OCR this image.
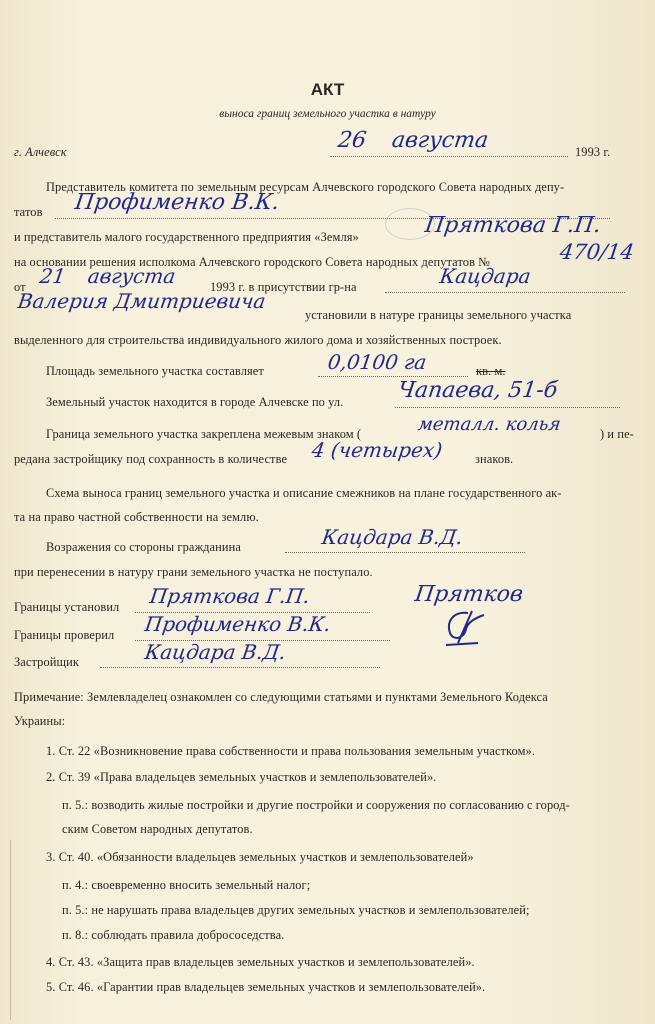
АКТ
выноса границ земельного участка в натуру
г. Алчевск	26 августа	1993 г.
Представитель комитета по земельным ресурсам Алчевского городского Совета народных депу-
татов Профименко В.К.
и представитель малого государственного предприятия «Земля»	Пряткова Г.П.
на основании решения исполкома Алчевского городского Совета народных депутатов №	470/14
от 21 августа	1993 г. в присутствии гр-на	Кацдара
Валерия Дмитриевича
установили в натуре границы земельного участка
выделенного для строительства индивидуального жилого дома и хозяйственных построек.
Площадь земельного участка составляет	0,0100 га	кв. м.
Земельный участок находится в городе Алчевске по ул. Чапаева, 51-б
Граница земельного участка закреплена межевым знаком (	металл. колья	) и пе-
редана застройщику под сохранность в количестве 4 (четырех)	знаков.
Схема выноса границ земельного участка и описание смежников на плане государственного ак-
та на право частной собственности на землю.
Возражения со стороны гражданина	Кацдара В.Д.
при перенесении в натуру грани земельного участка не поступало.
Границы установил Пряткова Г.П.	Прятков
Границы проверил Профименко В.К.
Застройщик	Кацдара В.Д.
Примечание: Землевладелец ознакомлен со следующими статьями и пунктами Земельного Кодекса
Украины:
1. Ст. 22 «Возникновение права собственности и права пользования земельным участком».
2. Ст. 39 «Права владельцев земельных участков и землепользователей».
п. 5.: возводить жилые постройки и другие постройки и сооружения по согласованию с город-
ским Советом народных депутатов.
3. Ст. 40. «Обязанности владельцев земельных участков и землепользователей»
п. 4.: своевременно вносить земельный налог;
п. 5.: не нарушать права владельцев других земельных участков и землепользователей;
п. 8.: соблюдать правила добрососедства.
4. Ст. 43. «Защита прав владельцев земельных участков и землепользователей».
5. Ст. 46. «Гарантии прав владельцев земельных участков и землепользователей».
